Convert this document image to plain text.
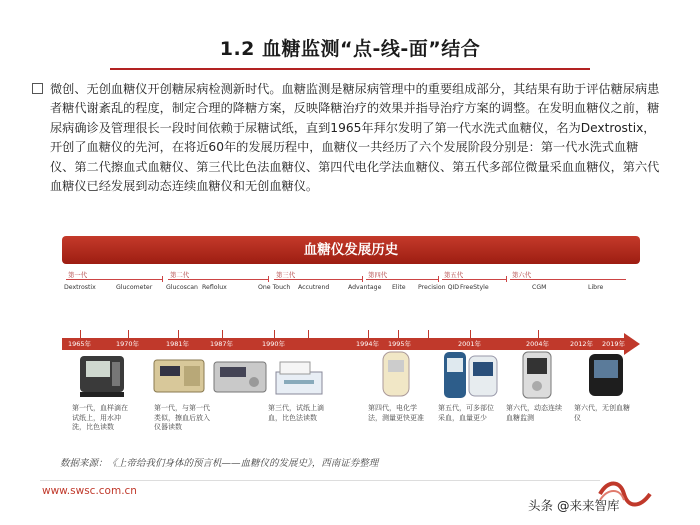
1.2 血糖监测“点-线-面”结合
微创、无创血糖仪开创糖尿病检测新时代。血糖监测是糖尿病管理中的重要组成部分，其结果有助于评估糖尿病患者糖代谢紊乱的程度，制定合理的降糖方案，反映降糖治疗的效果并指导治疗方案的调整。在发明血糖仪之前，糖尿病确诊及管理很长一段时间依赖于尿糖试纸，直到1965年拜尔发明了第一代水洗式血糖仪，名为Dextrostix，开创了血糖仪的先河，在将近60年的发展历程中，血糖仪一共经历了六个发展阶段分别是：第一代水洗式血糖仪、第二代擦血式血糖仪、第三代比色法血糖仪、第四代电化学法血糖仪、第五代多部位微量采血血糖仪，第六代血糖仪已经发展到动态连续血糖仪和无创血糖仪。
血糖仪发展历史
第一代	第二代	第三代	第四代	第五代	第六代
Dextrostix	Glucometer Glucoscan Reflolux	One Touch Accutrend	Advantage Elite Precision QID FreeStyle	CGM	Libre
1965年	1970年	1981年	1987年	1990年	1994年 1995年	2001年	2004年	2012年 2019年
第一代，血样滴在试纸上，用水冲洗，比色读数
第一代，与第一代类似，擦血后放入仪器读数
第三代，试纸上滴血，比色法读数
第四代，电化学法，测量更快更准
第五代，可多部位采血，血量更少
第六代，动态连续血糖监测
第六代，无创血糖仪
数据来源：《上帝给我们身体的预言机——血糖仪的发展史》，西南证券整理
www.swsc.com.cn
头条 @来来智库
